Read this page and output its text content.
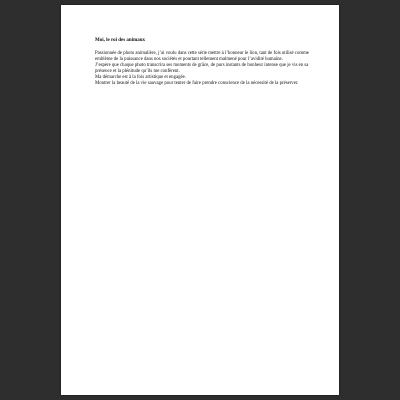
Moi, le roi des animaux

Passionnée de photo animalière, j’ai voulu dans cette série mettre à l’honneur le lion, tant de fois utilisé comme emblème de la puissance dans nos sociétés et pourtant tellement malmené pour l’avidité humaine.

J’espère que chaque photo transcrira ses moments de grâce, de purs instants de bonheur intense que je vis en sa présence et la plénitude qu’ils me confèrent.

Ma démarche est à la fois artistique et engagée.

Montrer la beauté de la vie sauvage pour tenter de faire prendre conscience de la nécessité de la préserver.
